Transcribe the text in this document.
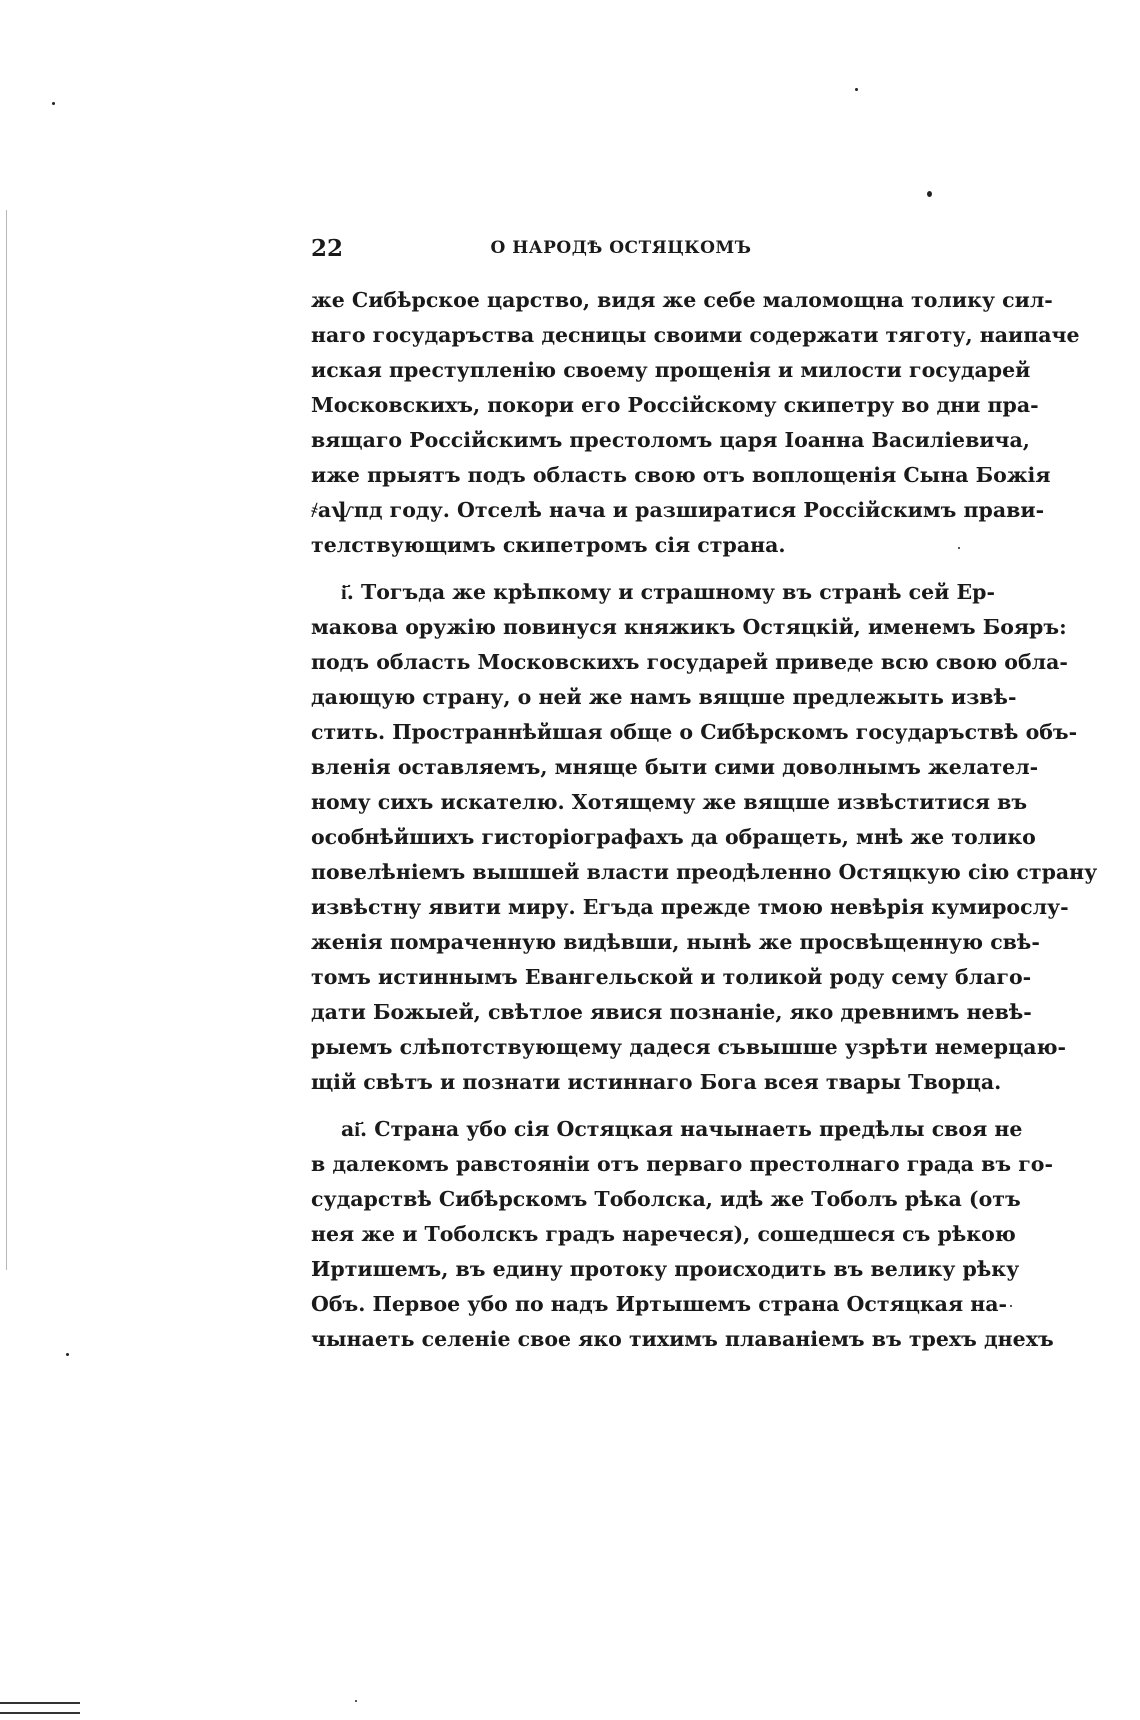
22	О НАРОДѢ ОСТЯЦКОМЪ
же Сибѣрское царство, видя же себе маломощна толику сил-
наго государъства десницы своими содержати тяготу, наипаче
искaя преступленію своему прощенія и милости государей
Московскихъ, покори его Россійскому скипетру во дни пра-
вящаго Россійскимъ престоломъ царя Іоанна Василіевича,
иже прыятъ подъ область свою отъ воплощенія Сына Божія
҂аѱпд году. Отселѣ нача и разширатися Россійскимъ прави-
телствующимъ скипетромъ сія страна.
і҃. Тогъда же крѣпкому и страшному въ странѣ сей Ер-
макова оружію повинуся княжикъ Остяцкій, именемъ Бояръ:
подъ область Московскихъ государей приведе всю свою обла-
дающую страну, о ней же намъ вящше предлежыть извѣ-
стить. Пространнѣйшая обще о Сибѣрскомъ государъствѣ объ-
вленія оставляемъ, мняще быти сими доволнымъ желател-
ному сихъ искателю. Хотящему же вящше извѣститися въ
особнѣйшихъ гисторіографахъ да обращеть, мнѣ же толико
повелѣніемъ вышшей власти преодѣленно Остяцкую сію страну
извѣстну явити миру. Егъда прежде тмою невѣрія кумирослу-
женія помраченную видѣвши, нынѣ же просвѣщенную свѣ-
томъ истиннымъ Евангельской и толикой роду сему благо-
дати Божыей, свѣтлое явися познаніе, яко древнимъ невѣ-
рыемъ слѣпотствующему дадеся съвышше узрѣти немерцаю-
щій свѣтъ и познати истиннаго Бога всея твары Творца.
аі҃. Страна убо сія Остяцкая начынаеть предѣлы своя не
в далекомъ равстояніи отъ перваго престолнаго града въ го-
сударствѣ Сибѣрскомъ Тоболска, идѣ же Тоболъ рѣка (отъ
нея же и Тоболскъ градъ наречеся), сошедшеся съ рѣкою
Иртишемъ, въ едину протоку происходить въ велику рѣку
Объ. Первое убо по надъ Иртышемъ страна Остяцкая на-
чынаеть селеніе свое яко тихимъ плаваніемъ въ трехъ днехъ
